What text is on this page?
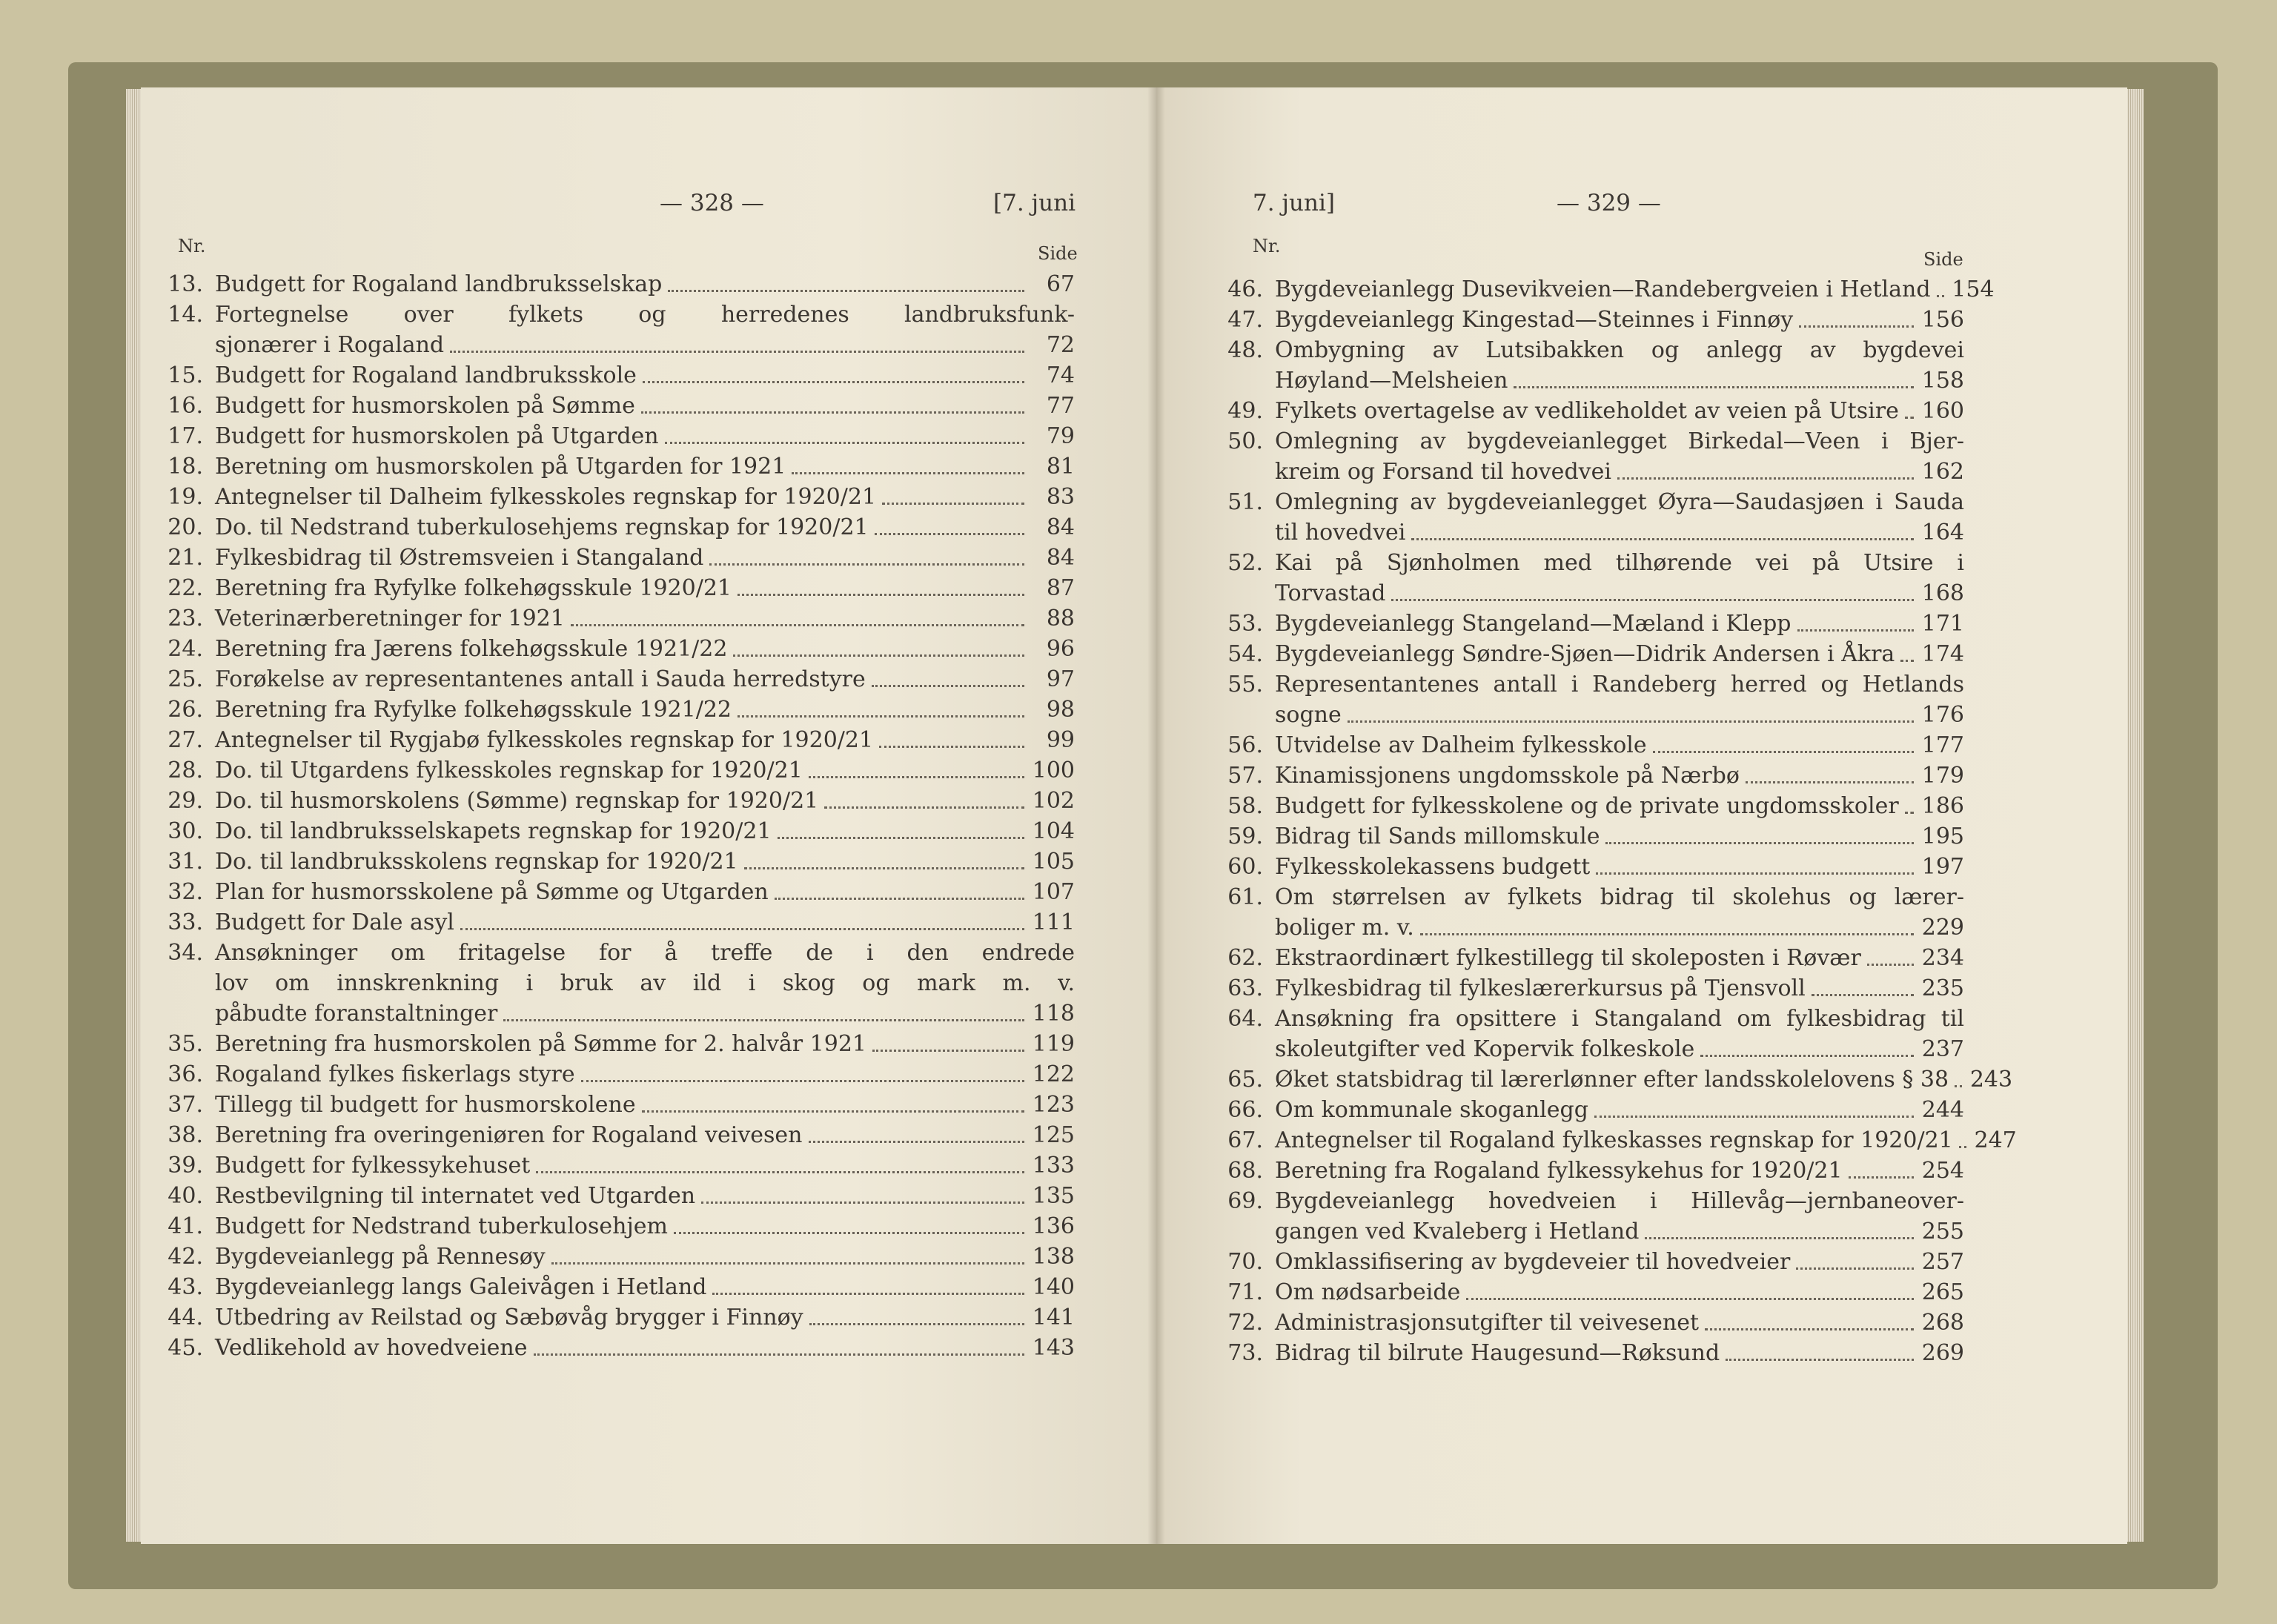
— 328 —	[7. juni
Nr.	Side
13. Budgett for Rogaland landbruksselskap	67
14. Fortegnelse over fylkets og herredenes landbruksfunk-
sjonærer i Rogaland	72
15. Budgett for Rogaland landbruksskole	74
16. Budgett for husmorskolen på Sømme	77
17. Budgett for husmorskolen på Utgarden	79
18. Beretning om husmorskolen på Utgarden for 1921	81
19. Antegnelser til Dalheim fylkesskoles regnskap for 1920/21	83
20. Do. til Nedstrand tuberkulosehjems regnskap for 1920/21	84
21. Fylkesbidrag til Østremsveien i Stangaland	84
22. Beretning fra Ryfylke folkehøgsskule 1920/21	87
23. Veterinærberetninger for 1921	88
24. Beretning fra Jærens folkehøgsskule 1921/22	96
25. Forøkelse av representantenes antall i Sauda herredstyre	97
26. Beretning fra Ryfylke folkehøgsskule 1921/22	98
27. Antegnelser til Rygjabø fylkesskoles regnskap for 1920/21	99
28. Do. til Utgardens fylkesskoles regnskap for 1920/21	100
29. Do. til husmorskolens (Sømme) regnskap for 1920/21	102
30. Do. til landbruksselskapets regnskap for 1920/21	104
31. Do. til landbruksskolens regnskap for 1920/21	105
32. Plan for husmorsskolene på Sømme og Utgarden	107
33. Budgett for Dale asyl	111
34. Ansøkninger om fritagelse for å treffe de i den endrede
lov om innskrenkning i bruk av ild i skog og mark m. v.
påbudte foranstaltninger	118
35. Beretning fra husmorskolen på Sømme for 2. halvår 1921	119
36. Rogaland fylkes fiskerlags styre	122
37. Tillegg til budgett for husmorskolene	123
38. Beretning fra overingeniøren for Rogaland veivesen	125
39. Budgett for fylkessykehuset	133
40. Restbevilgning til internatet ved Utgarden	135
41. Budgett for Nedstrand tuberkulosehjem	136
42. Bygdeveianlegg på Rennesøy	138
43. Bygdeveianlegg langs Galeivågen i Hetland	140
44. Utbedring av Reilstad og Sæbøvåg brygger i Finnøy	141
45. Vedlikehold av hovedveiene	143
7. juni]	— 329 —
Nr.
Side
46. Bygdeveianlegg Dusevikveien—Randebergveien i Hetland 154
47. Bygdeveianlegg Kingestad—Steinnes i Finnøy	156
48. Ombygning av Lutsibakken og anlegg av bygdevei
Høyland—Melsheien	158
49. Fylkets overtagelse av vedlikeholdet av veien på Utsire 160
50. Omlegning av bygdeveianlegget Birkedal—Veen i Bjer-
kreim og Forsand til hovedvei	162
51. Omlegning av bygdeveianlegget Øyra—Saudasjøen i Sauda
til hovedvei	164
52. Kai på Sjønholmen med tilhørende vei på Utsire i
Torvastad	168
53. Bygdeveianlegg Stangeland—Mæland i Klepp	171
54. Bygdeveianlegg Søndre-Sjøen—Didrik Andersen i Åkra 174
55. Representantenes antall i Randeberg herred og Hetlands
sogne	176
56. Utvidelse av Dalheim fylkesskole	177
57. Kinamissjonens ungdomsskole på Nærbø	179
58. Budgett for fylkesskolene og de private ungdomsskoler 186
59. Bidrag til Sands millomskule	195
60. Fylkesskolekassens budgett	197
61. Om størrelsen av fylkets bidrag til skolehus og lærer-
boliger m. v.	229
62. Ekstraordinært fylkestillegg til skoleposten i Røvær	234
63. Fylkesbidrag til fylkeslærerkursus på Tjensvoll	235
64. Ansøkning fra opsittere i Stangaland om fylkesbidrag til
skoleutgifter ved Kopervik folkeskole	237
65. Øket statsbidrag til lærerlønner efter landsskolelovens § 38 243
66. Om kommunale skoganlegg	244
67. Antegnelser til Rogaland fylkeskasses regnskap for 1920/21 247
68. Beretning fra Rogaland fylkessykehus for 1920/21	254
69. Bygdeveianlegg hovedveien i Hillevåg—jernbaneover-
gangen ved Kvaleberg i Hetland	255
70. Omklassifisering av bygdeveier til hovedveier	257
71. Om nødsarbeide	265
72. Administrasjonsutgifter til veivesenet	268
73. Bidrag til bilrute Haugesund—Røksund	269
